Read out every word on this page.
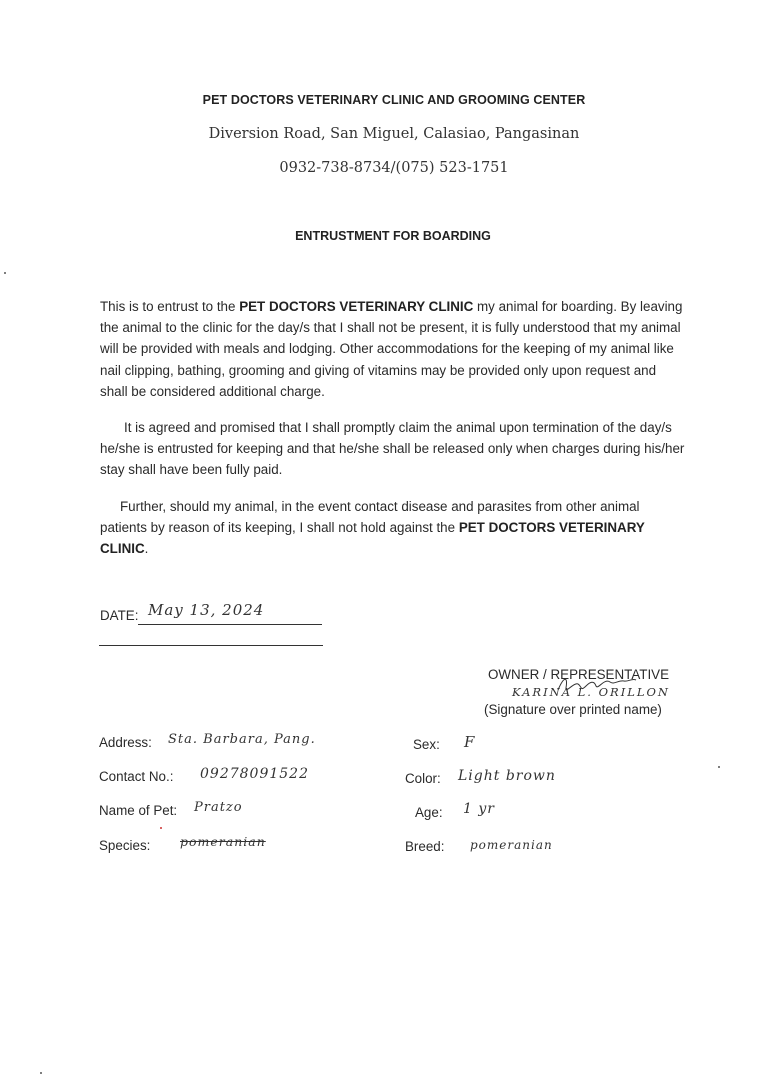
PET DOCTORS VETERINARY CLINIC AND GROOMING CENTER
Diversion Road, San Miguel, Calasiao, Pangasinan
0932-738-8734/(075) 523-1751
ENTRUSTMENT FOR BOARDING
This is to entrust to the PET DOCTORS VETERINARY CLINIC my animal for boarding. By leaving the animal to the clinic for the day/s that I shall not be present, it is fully understood that my animal will be provided with meals and lodging. Other accommodations for the keeping of my animal like nail clipping, bathing, grooming and giving of vitamins may be provided only upon request and shall be considered additional charge.
It is agreed and promised that I shall promptly claim the animal upon termination of the day/s he/she is entrusted for keeping and that he/she shall be released only when charges during his/her stay shall have been fully paid.
Further, should my animal, in the event contact disease and parasites from other animal patients by reason of its keeping, I shall not hold against the PET DOCTORS VETERINARY CLINIC.
DATE: May 13, 2024
OWNER / REPRESENTATIVE
KARINA L. ORILLON
(Signature over printed name)
Address: Sta. Barbara, Pang.
Contact No.: 09278091522
Name of Pet: Pratzo
Species: pomeranian
Sex: F
Color: Light brown
Age: 1 yr
Breed: pomeranian
